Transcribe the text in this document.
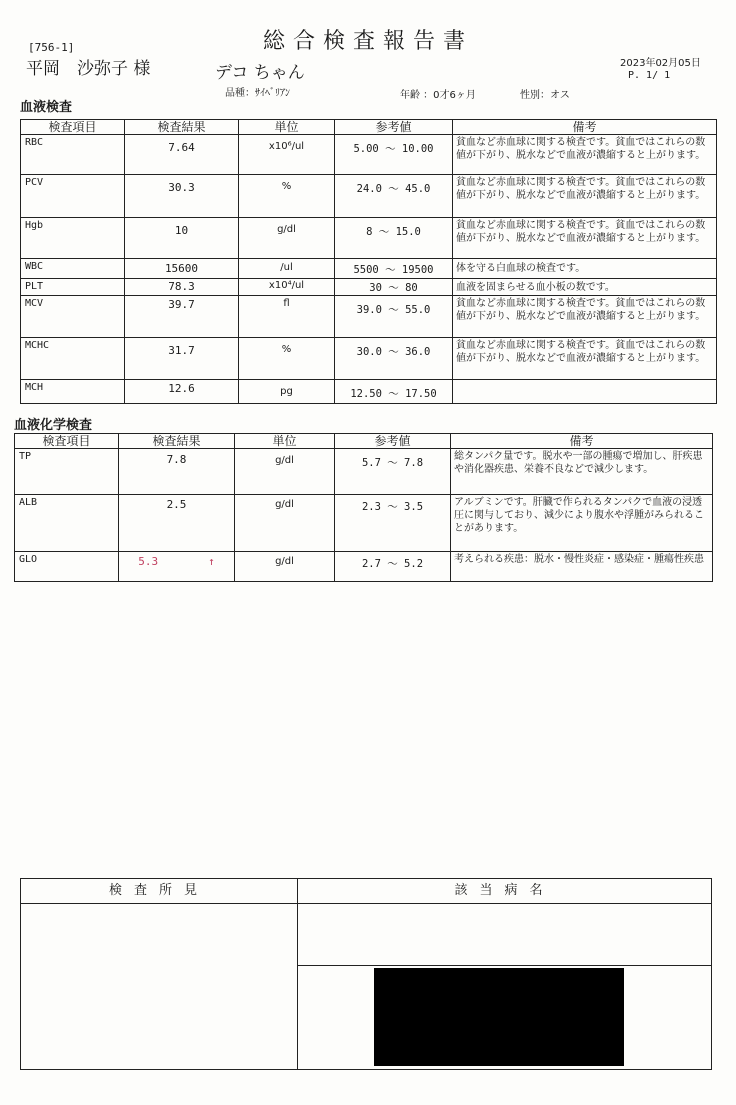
総合検査報告書
[756-1]
平岡　沙弥子 様	デコ ちゃん	2023年02月05日
P. 1/ 1
品種：ｻｲﾍﾞﾘｱﾝ	年齢 ：0才6ヶ月	性別：オス
血液検査
検査項目	検査結果	単位	参考値	備考
RBC	7.64	x10⁶/ul	5.00 ～ 10.00	貧血など赤血球に関する検査です。貧血ではこれらの数値が下がり、脱水などで血液が濃縮すると上がります。
PCV	30.3	%	24.0 ～ 45.0	貧血など赤血球に関する検査です。貧血ではこれらの数値が下がり、脱水などで血液が濃縮すると上がります。
Hgb	10	g/dl	8 ～ 15.0	貧血など赤血球に関する検査です。貧血ではこれらの数値が下がり、脱水などで血液が濃縮すると上がります。
WBC	15600	/ul	5500 ～ 19500	体を守る白血球の検査です。
PLT	78.3	x10⁴/ul	30 ～ 80	血液を固まらせる血小板の数です。
MCV	39.7	fl	39.0 ～ 55.0	貧血など赤血球に関する検査です。貧血ではこれらの数値が下がり、脱水などで血液が濃縮すると上がります。
MCHC	31.7	%	30.0 ～ 36.0	貧血など赤血球に関する検査です。貧血ではこれらの数値が下がり、脱水などで血液が濃縮すると上がります。
MCH	12.6	pg	12.50 ～ 17.50	
血液化学検査
検査項目	検査結果	単位	参考値	備考
TP	7.8	g/dl	5.7 ～ 7.8	総タンパク量です。脱水や一部の腫瘍で増加し、肝疾患や消化器疾患、栄養不良などで減少します。
ALB	2.5	g/dl	2.3 ～ 3.5	アルブミンです。肝臓で作られるタンパクで血液の浸透圧に関与しており、減少により腹水や浮腫がみられることがあります。
GLO	5.3 ↑	g/dl	2.7 ～ 5.2	考えられる疾患：脱水・慢性炎症・感染症・腫瘍性疾患
検査所見	該当病名
